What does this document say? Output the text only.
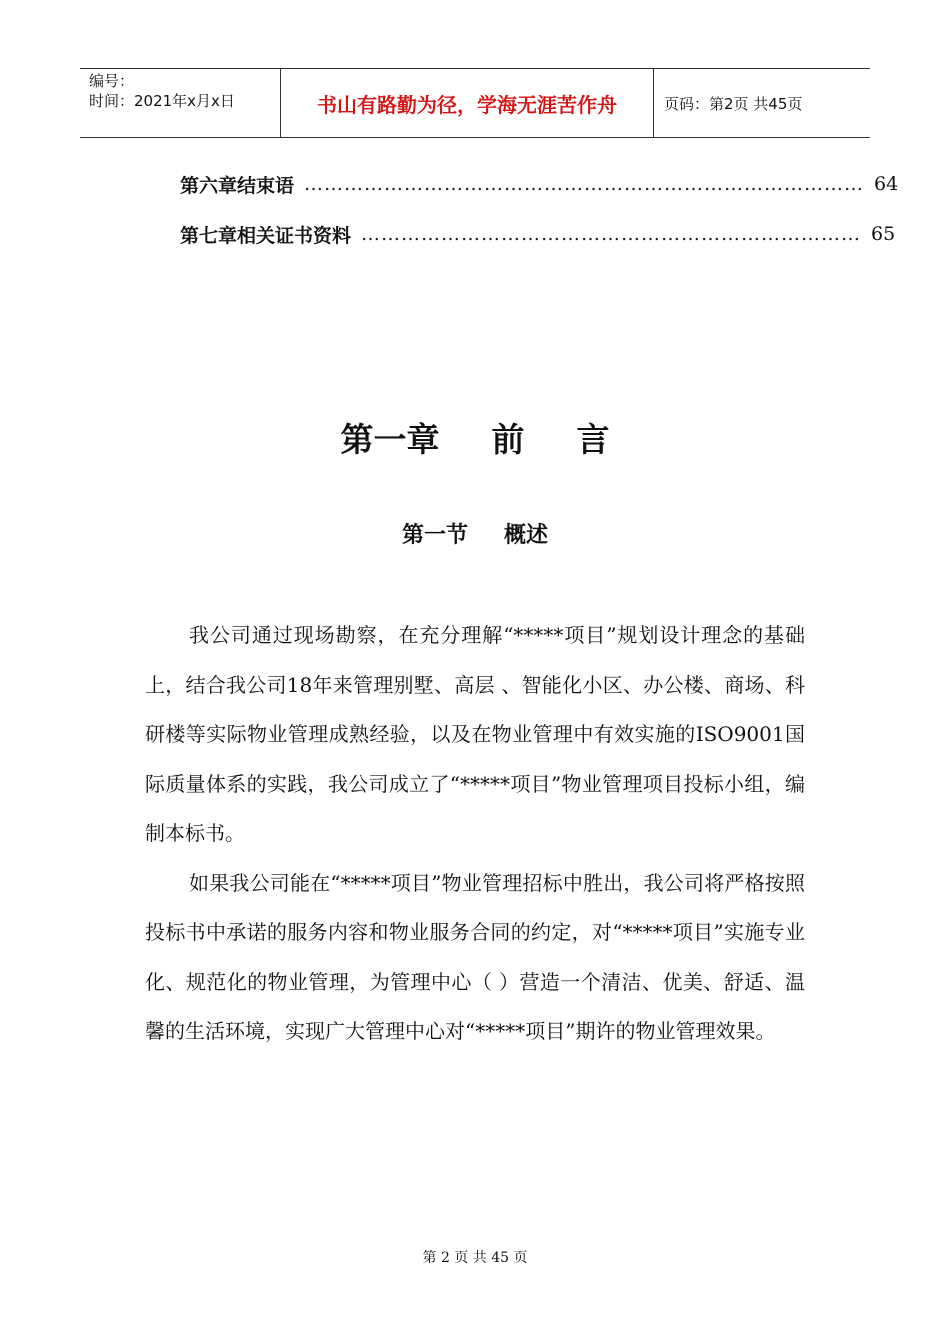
编号：
时间：2021年x月x日	书山有路勤为径，学海无涯苦作舟	页码：第2页 共45页
第六章 结束语 ………………………………………………………………………… 64
第七章 相关证书资料 ………………………………………………………………… 65
第一章 前 言
第一节 概述

我公司通过现场勘察，在充分理解“*****项目”规划设计理念的基础上，结合我公司18年来管理别墅、高层 、智能化小区、办公楼、商场、科研楼等实际物业管理成熟经验，以及在物业管理中有效实施的ISO9001国际质量体系的实践，我公司成立了“*****项目”物业管理项目投标小组，编制本标书。

如果我公司能在“*****项目”物业管理招标中胜出，我公司将严格按照投标书中承诺的服务内容和物业服务合同的约定，对“*****项目”实施专业化、规范化的物业管理，为管理中心（ ）营造一个清洁、优美、舒适、温馨的生活环境，实现广大管理中心对“*****项目”期许的物业管理效果。

第 2 页 共 45 页
